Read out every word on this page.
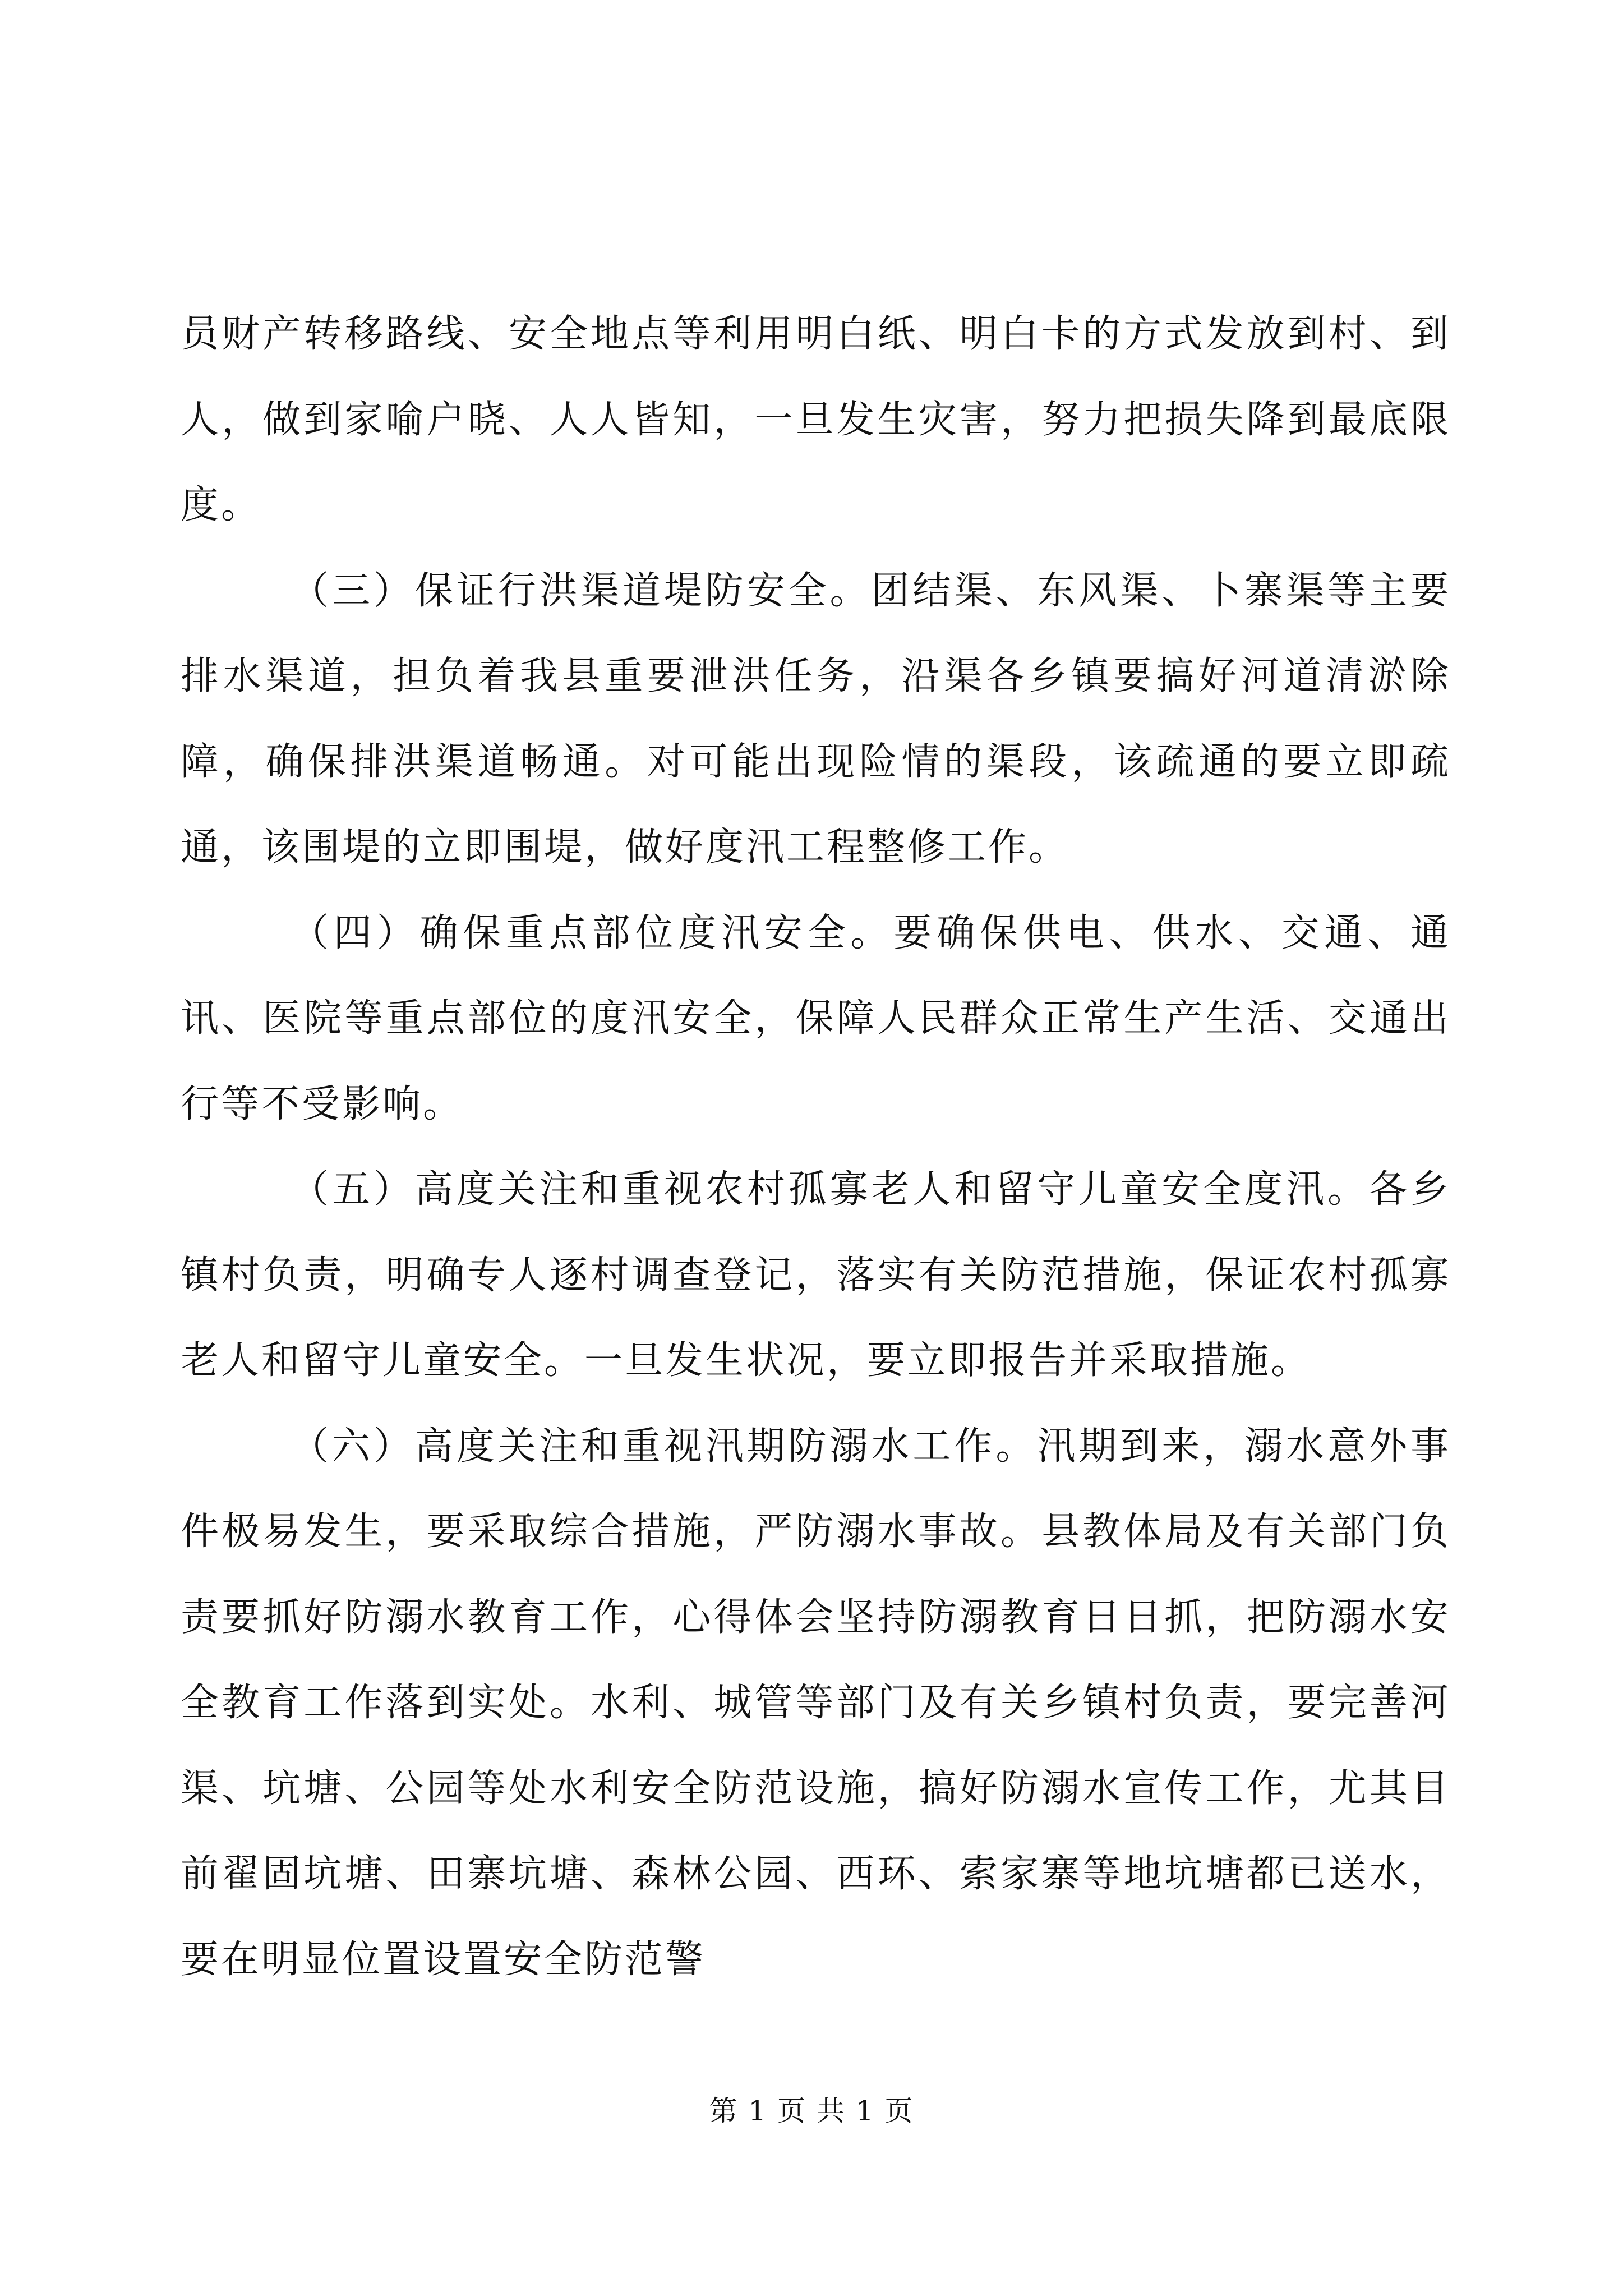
员财产转移路线、安全地点等利用明白纸、明白卡的方式发放到村、到人，做到家喻户晓、人人皆知，一旦发生灾害，努力把损失降到最底限度。

（三）保证行洪渠道堤防安全。团结渠、东风渠、卜寨渠等主要排水渠道，担负着我县重要泄洪任务，沿渠各乡镇要搞好河道清淤除障，确保排洪渠道畅通。对可能出现险情的渠段，该疏通的要立即疏通，该围堤的立即围堤，做好度汛工程整修工作。

（四）确保重点部位度汛安全。要确保供电、供水、交通、通讯、医院等重点部位的度汛安全，保障人民群众正常生产生活、交通出行等不受影响。

（五）高度关注和重视农村孤寡老人和留守儿童安全度汛。各乡镇村负责，明确专人逐村调查登记，落实有关防范措施，保证农村孤寡老人和留守儿童安全。一旦发生状况，要立即报告并采取措施。

（六）高度关注和重视汛期防溺水工作。汛期到来，溺水意外事件极易发生，要采取综合措施，严防溺水事故。县教体局及有关部门负责要抓好防溺水教育工作，心得体会坚持防溺教育日日抓，把防溺水安全教育工作落到实处。水利、城管等部门及有关乡镇村负责，要完善河渠、坑塘、公园等处水利安全防范设施，搞好防溺水宣传工作，尤其目前翟固坑塘、田寨坑塘、森林公园、西环、索家寨等地坑塘都已送水，要在明显位置设置安全防范警

第 1 页 共 1 页
